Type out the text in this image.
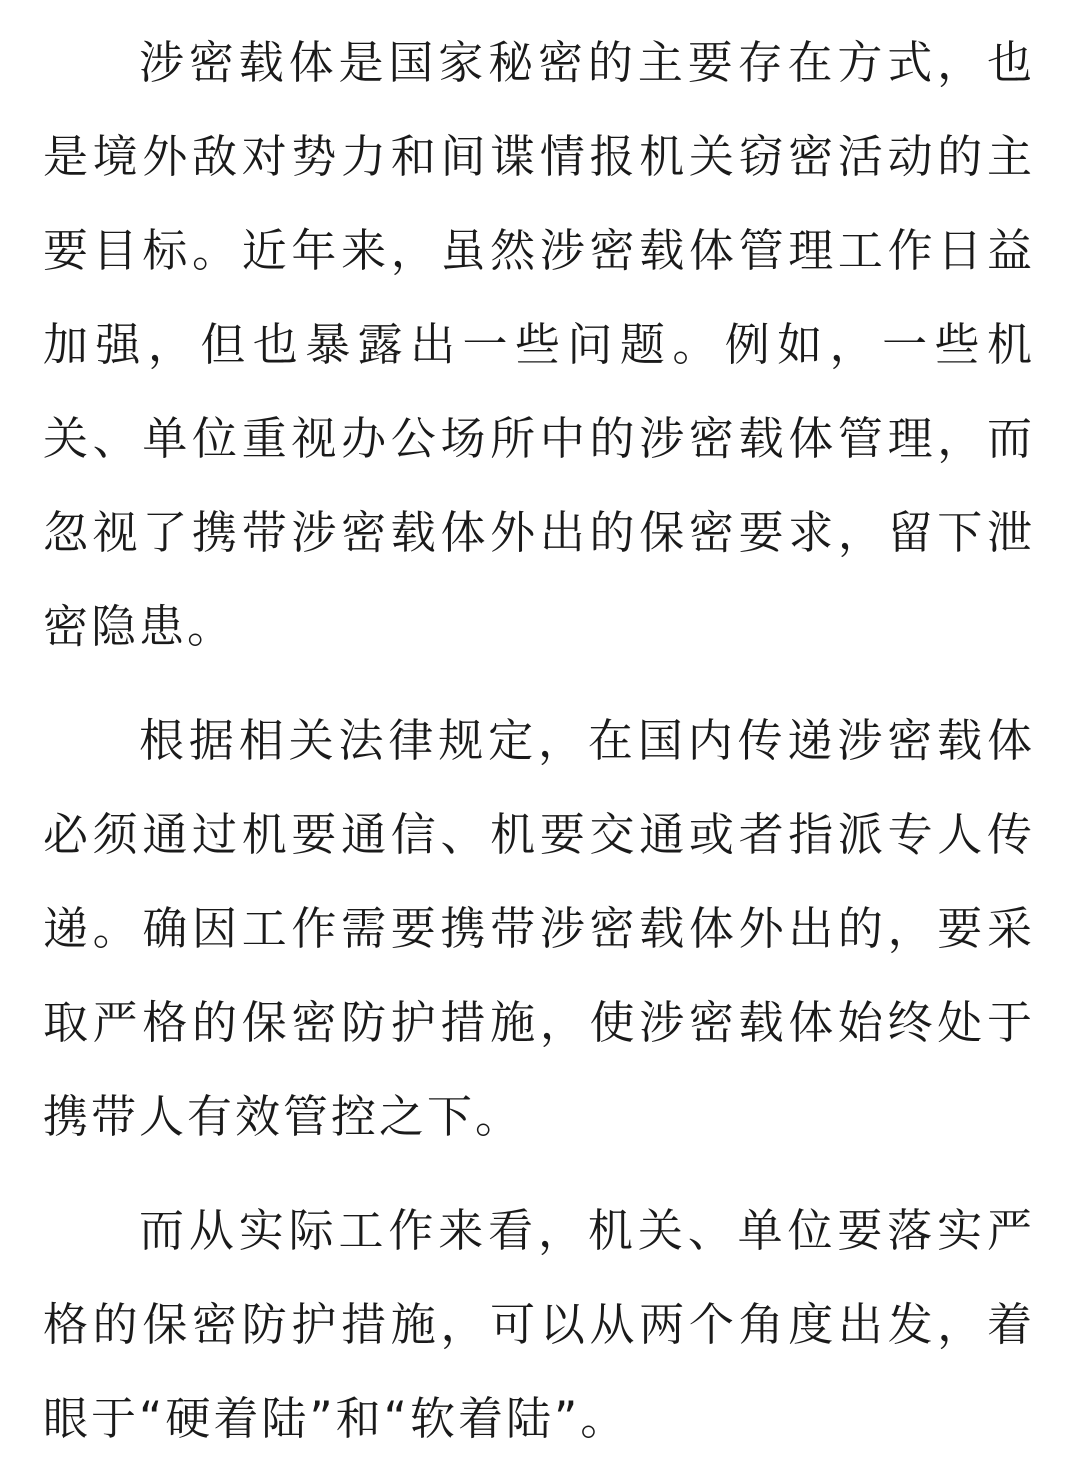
涉密载体是国家秘密的主要存在方式，也是境外敌对势力和间谍情报机关窃密活动的主要目标。近年来，虽然涉密载体管理工作日益加强，但也暴露出一些问题。例如，一些机关、单位重视办公场所中的涉密载体管理，而忽视了携带涉密载体外出的保密要求，留下泄密隐患。

根据相关法律规定，在国内传递涉密载体必须通过机要通信、机要交通或者指派专人传递。确因工作需要携带涉密载体外出的，要采取严格的保密防护措施，使涉密载体始终处于携带人有效管控之下。

而从实际工作来看，机关、单位要落实严格的保密防护措施，可以从两个角度出发，着眼于“硬着陆”和“软着陆”。
